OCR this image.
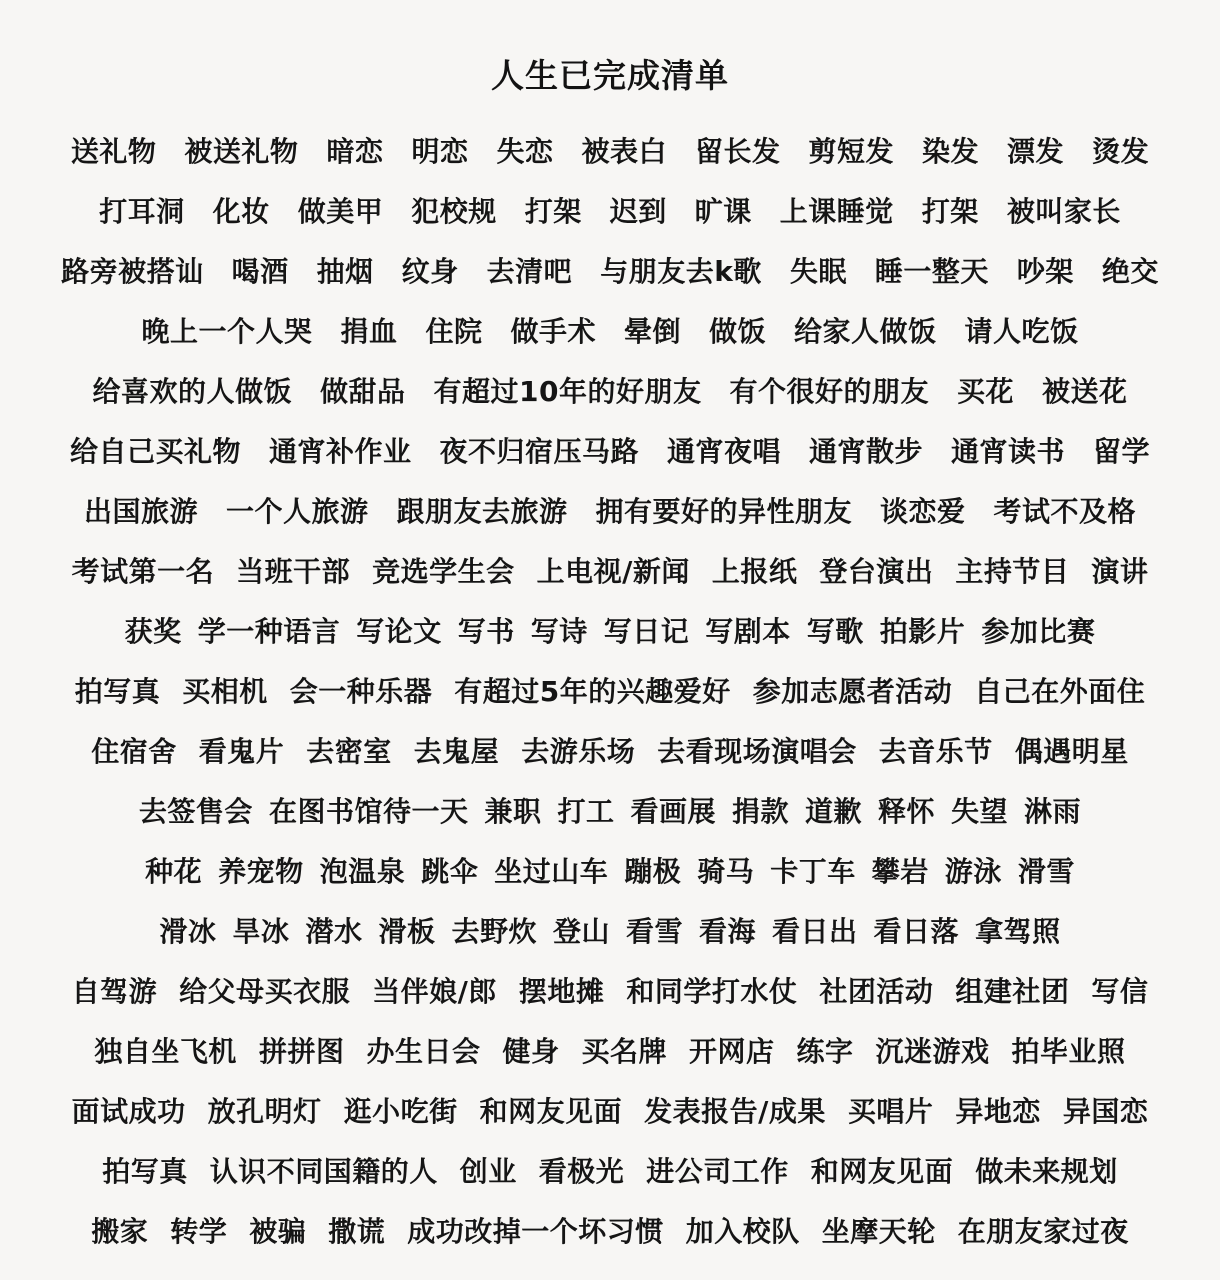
人生已完成清单
送礼物	被送礼物	暗恋	明恋	失恋	被表白	留长发	剪短发	染发	漂发	烫发
打耳洞	化妆	做美甲	犯校规	打架	迟到	旷课	上课睡觉	打架	被叫家长
路旁被搭讪	喝酒	抽烟	纹身	去清吧	与朋友去k歌	失眠	睡一整天	吵架	绝交
晚上一个人哭	捐血	住院	做手术	晕倒	做饭	给家人做饭	请人吃饭
给喜欢的人做饭	做甜品	有超过10年的好朋友	有个很好的朋友	买花	被送花
给自己买礼物	通宵补作业	夜不归宿压马路	通宵夜唱	通宵散步	通宵读书	留学
出国旅游	一个人旅游	跟朋友去旅游	拥有要好的异性朋友	谈恋爱	考试不及格
考试第一名 当班干部 竞选学生会 上电视/新闻 上报纸 登台演出 主持节目 演讲
获奖 学一种语言 写论文 写书 写诗 写日记 写剧本 写歌 拍影片 参加比赛
拍写真 买相机 会一种乐器 有超过5年的兴趣爱好 参加志愿者活动 自己在外面住
住宿舍 看鬼片 去密室 去鬼屋 去游乐场 去看现场演唱会 去音乐节 偶遇明星
去签售会 在图书馆待一天 兼职 打工 看画展 捐款 道歉 释怀 失望 淋雨
种花 养宠物 泡温泉 跳伞 坐过山车 蹦极 骑马 卡丁车 攀岩 游泳 滑雪
滑冰 旱冰 潜水 滑板 去野炊 登山 看雪 看海 看日出 看日落 拿驾照
自驾游 给父母买衣服 当伴娘/郎 摆地摊 和同学打水仗 社团活动 组建社团 写信
独自坐飞机 拼拼图 办生日会 健身 买名牌 开网店 练字 沉迷游戏 拍毕业照
面试成功 放孔明灯 逛小吃街 和网友见面 发表报告/成果 买唱片 异地恋 异国恋
拍写真 认识不同国籍的人 创业 看极光 进公司工作 和网友见面 做未来规划
搬家 转学 被骗 撒谎 成功改掉一个坏习惯 加入校队 坐摩天轮 在朋友家过夜
